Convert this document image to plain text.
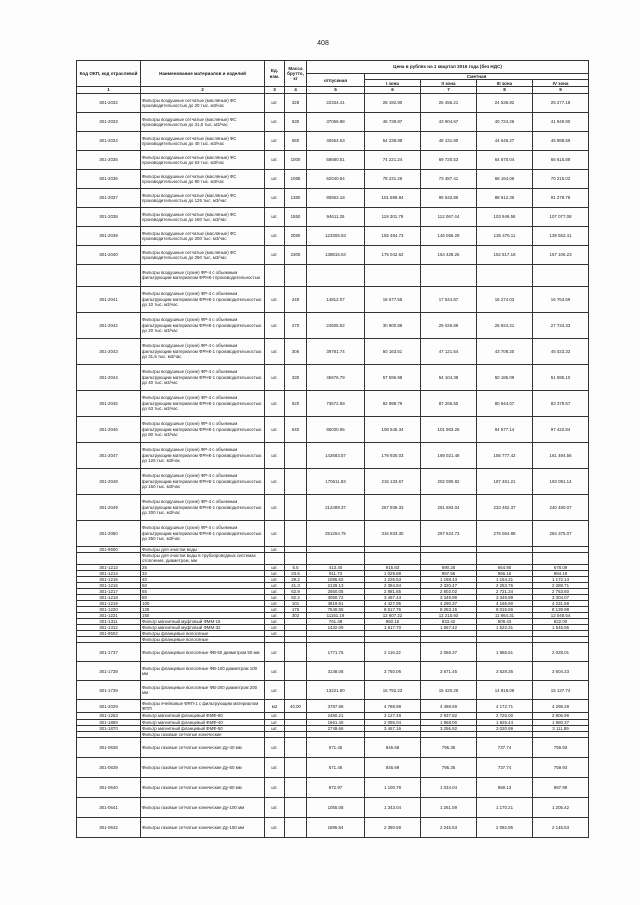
408
Код ОКП, код отраслевой	Наименование материалов и изделий	Ед. изм.	Масса брутто, кг	Цена в рублях на 1 квартал 2016 года (без НДС)				
				отпускная	Сметная			
					I зона	II зона	III зона	IV зона
1	2	3	4	5	6	7	8	9
301-2032	Фильтры воздушные сетчатые (масляные) ФС производительностью до 20 тыс. м3/час	шт.	328	22334.41	28 192.80	26 455.21	24 536.82	25 277.18
301-2033	Фильтры воздушные сетчатые (масляные) ФС производительностью до 31,5 тыс. м3/час	шт.	630	37066.88	46 738.87	43 904.67	40 724.26	41 949.90
301-2034	Фильтры воздушные сетчатые (масляные) ФС производительностью до 40 тыс. м3/час	шт.	650	40654.63	54 238.98	48 131.90	44 645.27	45 988.59
301-2035	Фильтры воздушные сетчатые (масляные) ФС производительностью до 63 тыс. м3/час	шт.	1000	58680.51	74 221.24	69 720.53	64 670.04	66 615.88
301-2036	Фильтры воздушные сетчатые (масляные) ФС производительностью до 80 тыс. м3/час	шт.	1085	62040.64	78 231.26	73 487.41	68 164.06	70 215.02
301-2037	Фильтры воздушные сетчатые (масляные) ФС производительностью до 125 тыс. м3/час	шт.	1380	80652.18	101 699.84	95 532.85	88 612.35	91 278.78
301-2038	Фильтры воздушные сетчатые (масляные) ФС производительностью до 160 тыс. м3/час	шт.	1550	94611.25	119 301.79	112 067.44	103 949.58	107 077.08
301-2039	Фильтры воздушные сетчатые (масляные) ФС производительностью до 200 тыс. м3/час	шт.	2080	123305.83	155 484.73	146 056.29	135 476.11	139 552.41
301-2040	Фильтры воздушные сетчатые (масляные) ФС производительностью до 250 тыс. м3/час	шт.	2300	138816.04	175 042.62	164 428.26	152 517.18	157 106.23
	Фильтры воздушные (сухие) ФР-4 с объемным фильтрующим материалом ФРНК-I производительностью							
301-2041	Фильтры воздушные (сухие) ФР-4 с объемным фильтрующим материалом ФРНК-1 производительностью до 10 тыс. м3/час	шт.	249	14812.07	18 677.55	17 544.87	16 274.03	16 763.69
301-2042	Фильтры воздушные (сухие) ФР-4 с объемным фильтрующим материалом ФРНК-1 производительностью до 20 тыс. м3/час	шт.	270	24505.52	30 900.88	29 026.89	26 924.21	27 734.33
301-2043	Фильтры воздушные (сухие) ФР-4 с объемным фильтрующим материалом ФРНК-1 производительностью до 31,5 тыс. м3/час	шт.	306	39781.74	50 163.51	47 121.54	43 708.20	45 023.32
301-2044	Фильтры воздушные (сухие) ФР-4 с объемным фильтрующим материалом ФРНК-1 производительностью до 40 тыс. м3/час	шт.	330	45676.79	57 596.98	54 104.38	50 185.09	51 695.10
301-2045	Фильтры воздушные (сухие) ФР-4 с объемным фильтрующим материалом ФРНК-1 производительностью до 63 тыс. м3/час	шт.	520	73672.59	92 898.79	87 265.50	80 944.07	83 379.57
301-2046	Фильтры воздушные (сухие) ФР-4 с объемным фильтрующим материалом ФРНК-1 производительностью до 80 тыс. м3/час	шт.	640	86030.95	108 545.34	101 963.26	94 577.14	97 422.84
301-2047	Фильтры воздушные (сухие) ФР-4 с объемным фильтрующим материалом ФРНК-1 производительностью до 125 тыс. м3/час	шт.		142683.57	179 930.03	169 021.48	156 777.42	161 494.56
301-2048	Фильтры воздушные (сухие) ФР-4 с объемным фильтрующим материалом ФРНК-1 производительностью до 160 тыс. м3/час	шт.		170611.83	215 133.67	202 090.82	187 451.21	193 091.14
301-2049	Фильтры воздушные (сухие) ФР-4 с объемным фильтрующим материалом ФРНК-1 производительностью до 200 тыс. м3/час	шт.		212489.37	267 939.33	251 693.04	233 462.37	240 490.07
301-2050	Фильтры воздушные (сухие) ФР-4 с объемным фильтрующим материалом ФРНК-1 производительностью до 250 тыс. м3/час	шт.		251264.75	316 833.30	297 624.73	276 064.88	284 375.07
301-9500	Фильтры для очистки воды	шт.						
	Фильтры для очистки воды в трубопроводных системах отопления, диаметром, мм							
301-1213	25	шт.	5.5	413.40	915.83	690.25	664.90	678.09
301-1214	32	шт.	23.6	911.73	1 029.88	997.56	966.16	984.19
301-1215	40	шт.	29.2	1085.62	1 226.53	1 188.43	1 154.21	1 172.13
301-1216	50	шт.	41.3	2129.13	2 394.84	2 320.47	2 253.76	2 288.71
301-1217	65	шт.	62.9	2560.05	2 881.85	2 802.02	2 721.34	2 763.50
301-1218	80	шт.	82.2	3060.72	3 457.43	3 349.99	3 349.99	3 304.07
301-1219	100	шт.	101	3819.91	4 427.95	4 290.37	4 166.90	4 231.58
301-1220	125	шт.	176	7540.55	8 517.76	8 253.15	8 015.56	8 139.98
301-1221	150	шт.	302	11161.19	12 607.22	12 215.93	11 864.31	12 048.54
301-1311	Фильтр магнитный муфтовый ФММ-15	шт.		761.48	860.15	833.42	809.43	822.00
301-1312	Фильтр магнитный муфтовый ФММ-32	шт.		1432.09	1 617.70	1 567.42	1 522.31	1 545.95
301-9502	Фильтры фланцевые волосяные	шт.						
	Фильтры фланцевые волосяные							
301-1737	Фильтры фланцевые волосяные ФВ-50 диаметром 50 мм	шт.		1771.76	2 116.22	2 066.37	1 985.61	2 028.01
301-1738	Фильтры фланцевые волосяные ФВ-100 диаметром 100 мм	шт.		3148.08	3 760.06	3 671.45	3 528.36	3 604.23
301-1739	Фильтры фланцевые волосяные ФВ-200 диаметром 200 мм	шт.		13221.90	15 792.23	15 420.25	14 819.08	15 137.74
301-2029	Фильтры ячейковые ФЯП-1 с фильтрующим материалом ФПП	м2	40.00	3787.68	4 788.98	4 498.59	4 172.71	4 298.28
301-1263	Фильтр магнитный фланцевый ФМФ-80	шт.		2480.21	3 127.48	2 937.82	2 725.00	2 806.99
301-1869	Фильтр магнитный фланцевый ФМФ-40	шт.		1661.46	2 095.04	1 968.00	1 825.44	1 880.37
301-1870	Фильтр магнитный фланцевый ФМФ-50	шт.		2749.66	3 467.16	3 256.92	3 020.99	3 111.89
	Фильтры газовые сетчатые конические							
301-0638	Фильтры газовые сетчатые конические Ду-40 мм	шт.		671.45	846.68	795.35	737.74	759.93
301-0639	Фильтры газовые сетчатые конические Ду-50 мм	шт.		671.46	846.69	795.35	737.74	759.93
301-0640	Фильтры газовые сетчатые конические Ду-80 мм	шт.		872.97	1 100.79	1 034.04	959.13	987.99
301-0641	Фильтры газовые сетчатые конические Ду-100 мм	шт.		1065.08	1 343.04	1 261.59	1 170.21	1 205.42
301-0642	Фильтры газовые сетчатые конические Ду-150 мм	шт.		1895.84	2 390.59	2 245.63	2 082.95	2 145.63
